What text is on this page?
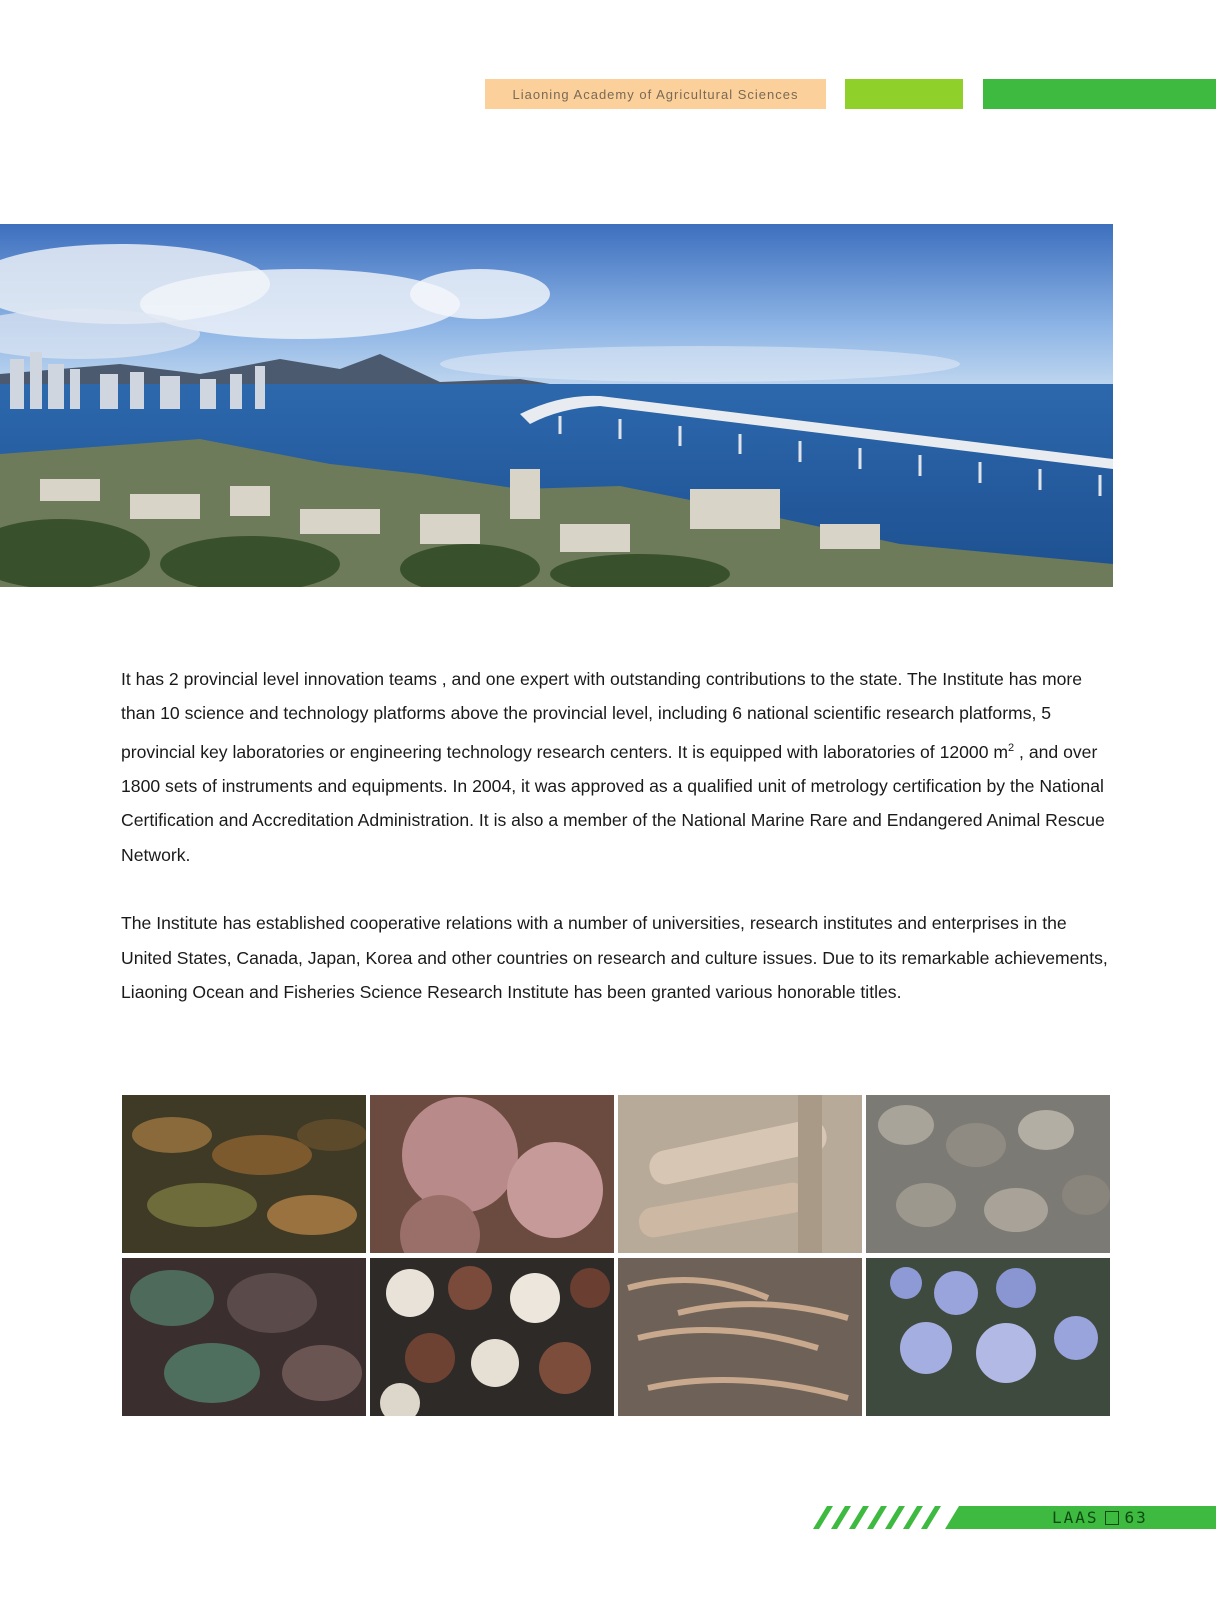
Liaoning Academy of Agricultural Sciences

It has 2 provincial level innovation teams , and one expert with outstanding contributions to the state. The Institute has more than 10 science and technology platforms above the provincial level, including 6 national scientific research platforms, 5 provincial key laboratories or engineering technology research centers. It is equipped with laboratories of 12000 $m^2$ , and over 1800 sets of instruments and equipments. In 2004, it was approved as a qualified unit of metrology certification by the National Certification and Accreditation Administration. It is also a member of the National Marine Rare and Endangered Animal Rescue Network.

The Institute has established cooperative relations with a number of universities, research institutes and enterprises in the United States, Canada, Japan, Korea and other countries on research and culture issues. Due to its remarkable achievements, Liaoning Ocean and Fisheries Science Research Institute has been granted various honorable titles.

LAAS 63
